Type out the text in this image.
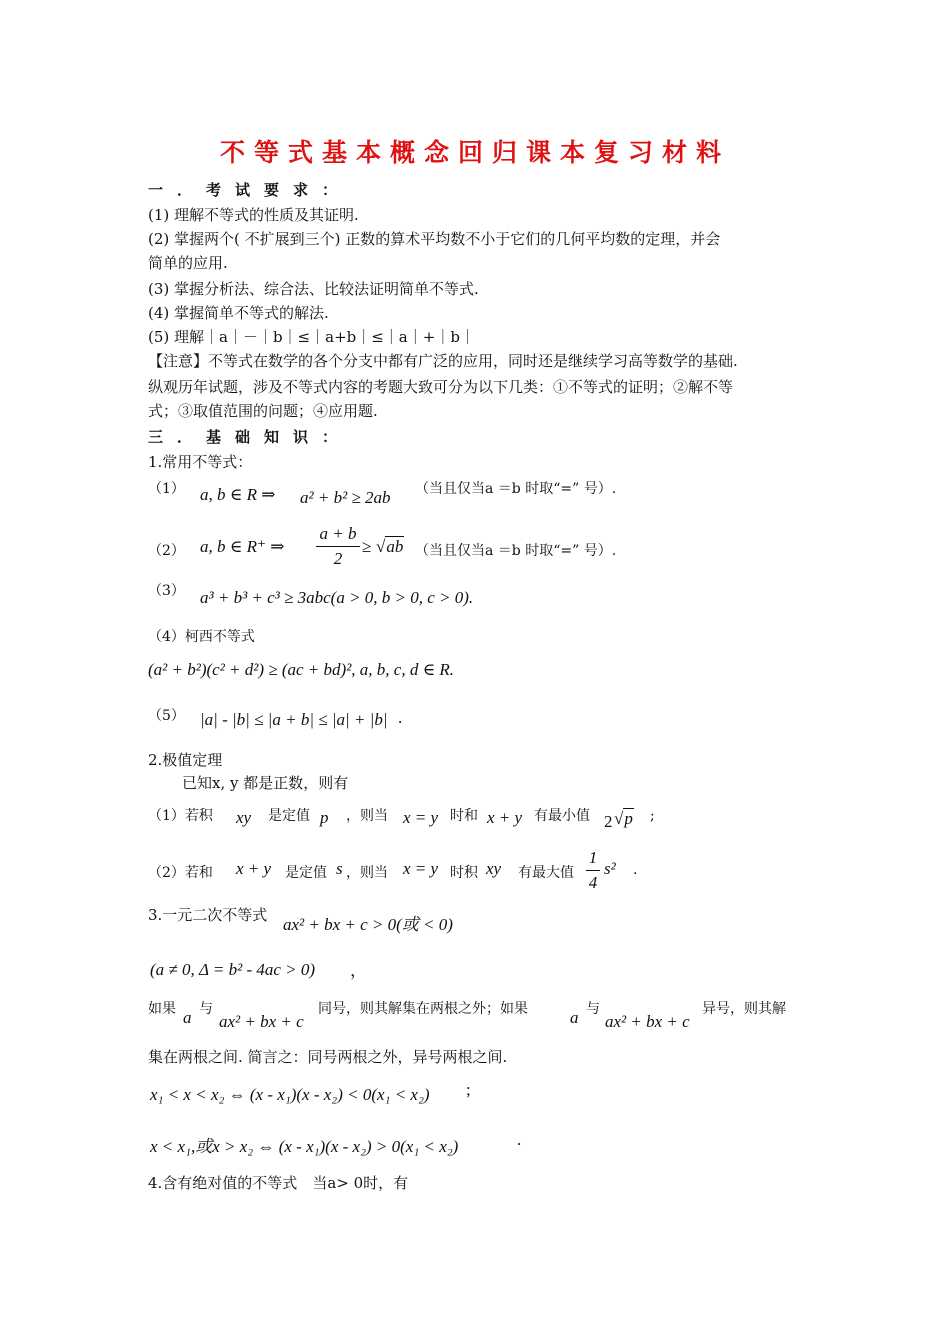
不等式基本概念回归课本复习材料
一．考试要求：
(1) 理解不等式的性质及其证明.
(2) 掌握两个( 不扩展到三个) 正数的算术平均数不小于它们的几何平均数的定理，并会
简单的应用.
(3) 掌握分析法、综合法、比较法证明简单不等式.
(4) 掌握简单不等式的解法.
(5) 理解｜a｜－｜b｜≤｜a+b｜≤｜a｜+｜b｜
【注意】不等式在数学的各个分支中都有广泛的应用，同时还是继续学习高等数学的基础.
纵观历年试题，涉及不等式内容的考题大致可分为以下几类：①不等式的证明；②解不等
式；③取值范围的问题；④应用题.
三．基础知识：
1.常用不等式：
（1） a, b ∈ R ⇒ a² + b² ≥ 2ab （当且仅当a ＝b 时取“=” 号）.
（2） a, b ∈ R⁺ ⇒
a + b
2
≥ √ab （当且仅当a ＝b 时取“=” 号）.
（3） a³ + b³ + c³ ≥ 3abc(a > 0, b > 0, c > 0).
（4）柯西不等式
(a² + b²)(c² + d²) ≥ (ac + bd)², a, b, c, d ∈ R.
（5） |a| - |b| ≤ |a + b| ≤ |a| + |b| .
2.极值定理
已知x, y 都是正数，则有
（1）若积 xy 是定值 p ，则当 x = y 时和 x + y 有最小值 2 √p ;
（2）若和 x + y 是定值 s ，则当 x = y 时积 xy 有最大值
1
4
s² .
3.一元二次不等式 ax² + bx + c > 0(或 < 0)
(a ≠ 0, Δ = b² - 4ac > 0) ，
如果 a 与
ax² + bx + c
同号，则其解集在两根之外；如果 a 与
ax² + bx + c
异号，则其解
集在两根之间. 简言之：同号两根之外，异号两根之间.
x₁ < x < x₂ ⇔ (x - x₁)(x - x₂) < 0(x₁ < x₂) ;
x < x₁,或x > x₂ ⇔ (x - x₁)(x - x₂) > 0(x₁ < x₂)	.
4.含有绝对值的不等式　当a> 0时，有
